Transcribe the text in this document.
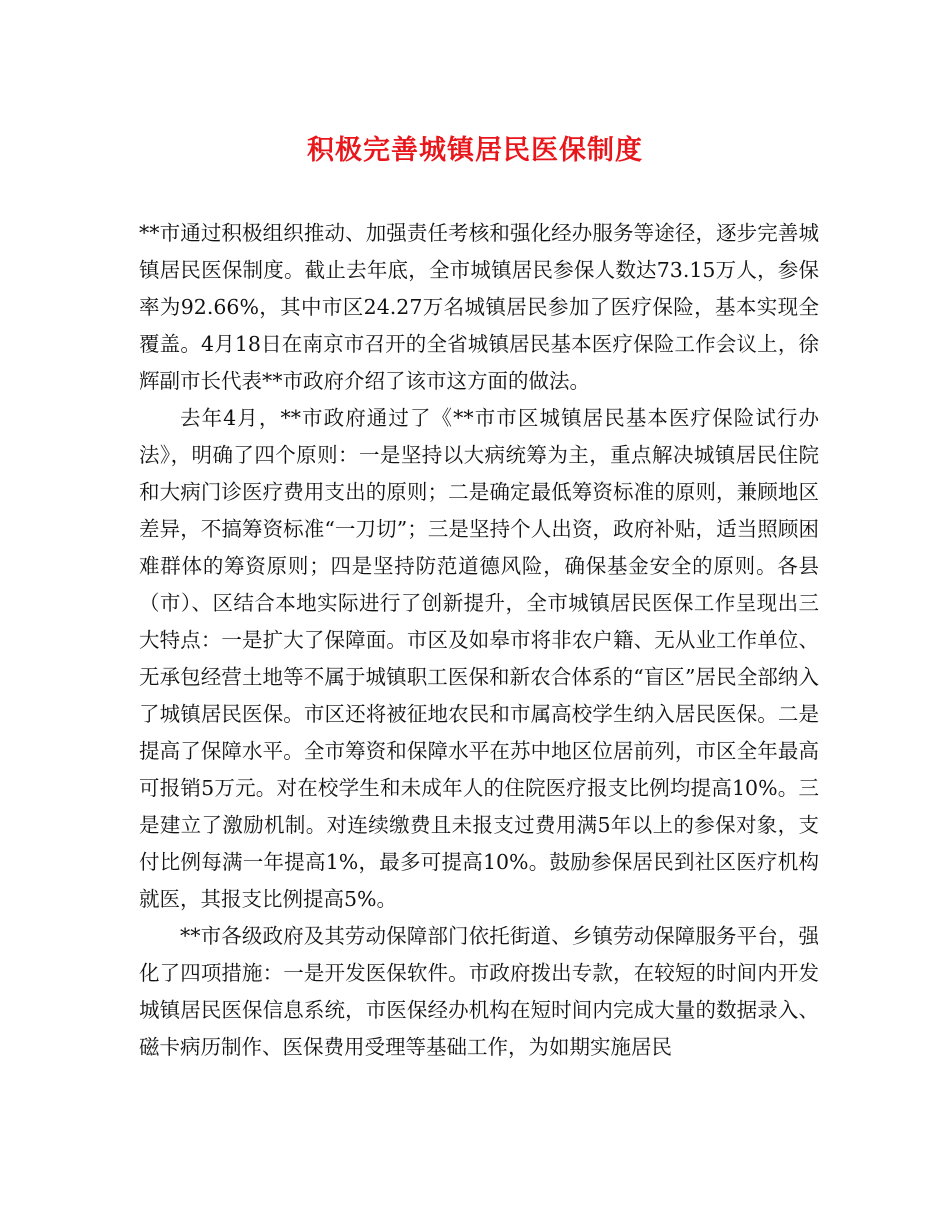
积极完善城镇居民医保制度

**市通过积极组织推动、加强责任考核和强化经办服务等途径，逐步完善城镇居民医保制度。截止去年底，全市城镇居民参保人数达73.15万人，参保率为92.66%，其中市区24.27万名城镇居民参加了医疗保险，基本实现全覆盖。4月18日在南京市召开的全省城镇居民基本医疗保险工作会议上，徐辉副市长代表**市政府介绍了该市这方面的做法。

去年4月，**市政府通过了《**市市区城镇居民基本医疗保险试行办法》，明确了四个原则：一是坚持以大病统筹为主，重点解决城镇居民住院和大病门诊医疗费用支出的原则；二是确定最低筹资标准的原则，兼顾地区差异，不搞筹资标准“一刀切”；三是坚持个人出资，政府补贴，适当照顾困难群体的筹资原则；四是坚持防范道德风险，确保基金安全的原则。各县（市）、区结合本地实际进行了创新提升，全市城镇居民医保工作呈现出三大特点：一是扩大了保障面。市区及如皋市将非农户籍、无从业工作单位、无承包经营土地等不属于城镇职工医保和新农合体系的“盲区”居民全部纳入了城镇居民医保。市区还将被征地农民和市属高校学生纳入居民医保。二是提高了保障水平。全市筹资和保障水平在苏中地区位居前列，市区全年最高可报销5万元。对在校学生和未成年人的住院医疗报支比例均提高10%。三是建立了激励机制。对连续缴费且未报支过费用满5年以上的参保对象，支付比例每满一年提高1%，最多可提高10%。鼓励参保居民到社区医疗机构就医，其报支比例提高5%。

**市各级政府及其劳动保障部门依托街道、乡镇劳动保障服务平台，强化了四项措施：一是开发医保软件。市政府拨出专款，在较短的时间内开发城镇居民医保信息系统，市医保经办机构在短时间内完成大量的数据录入、磁卡病历制作、医保费用受理等基础工作，为如期实施居民
